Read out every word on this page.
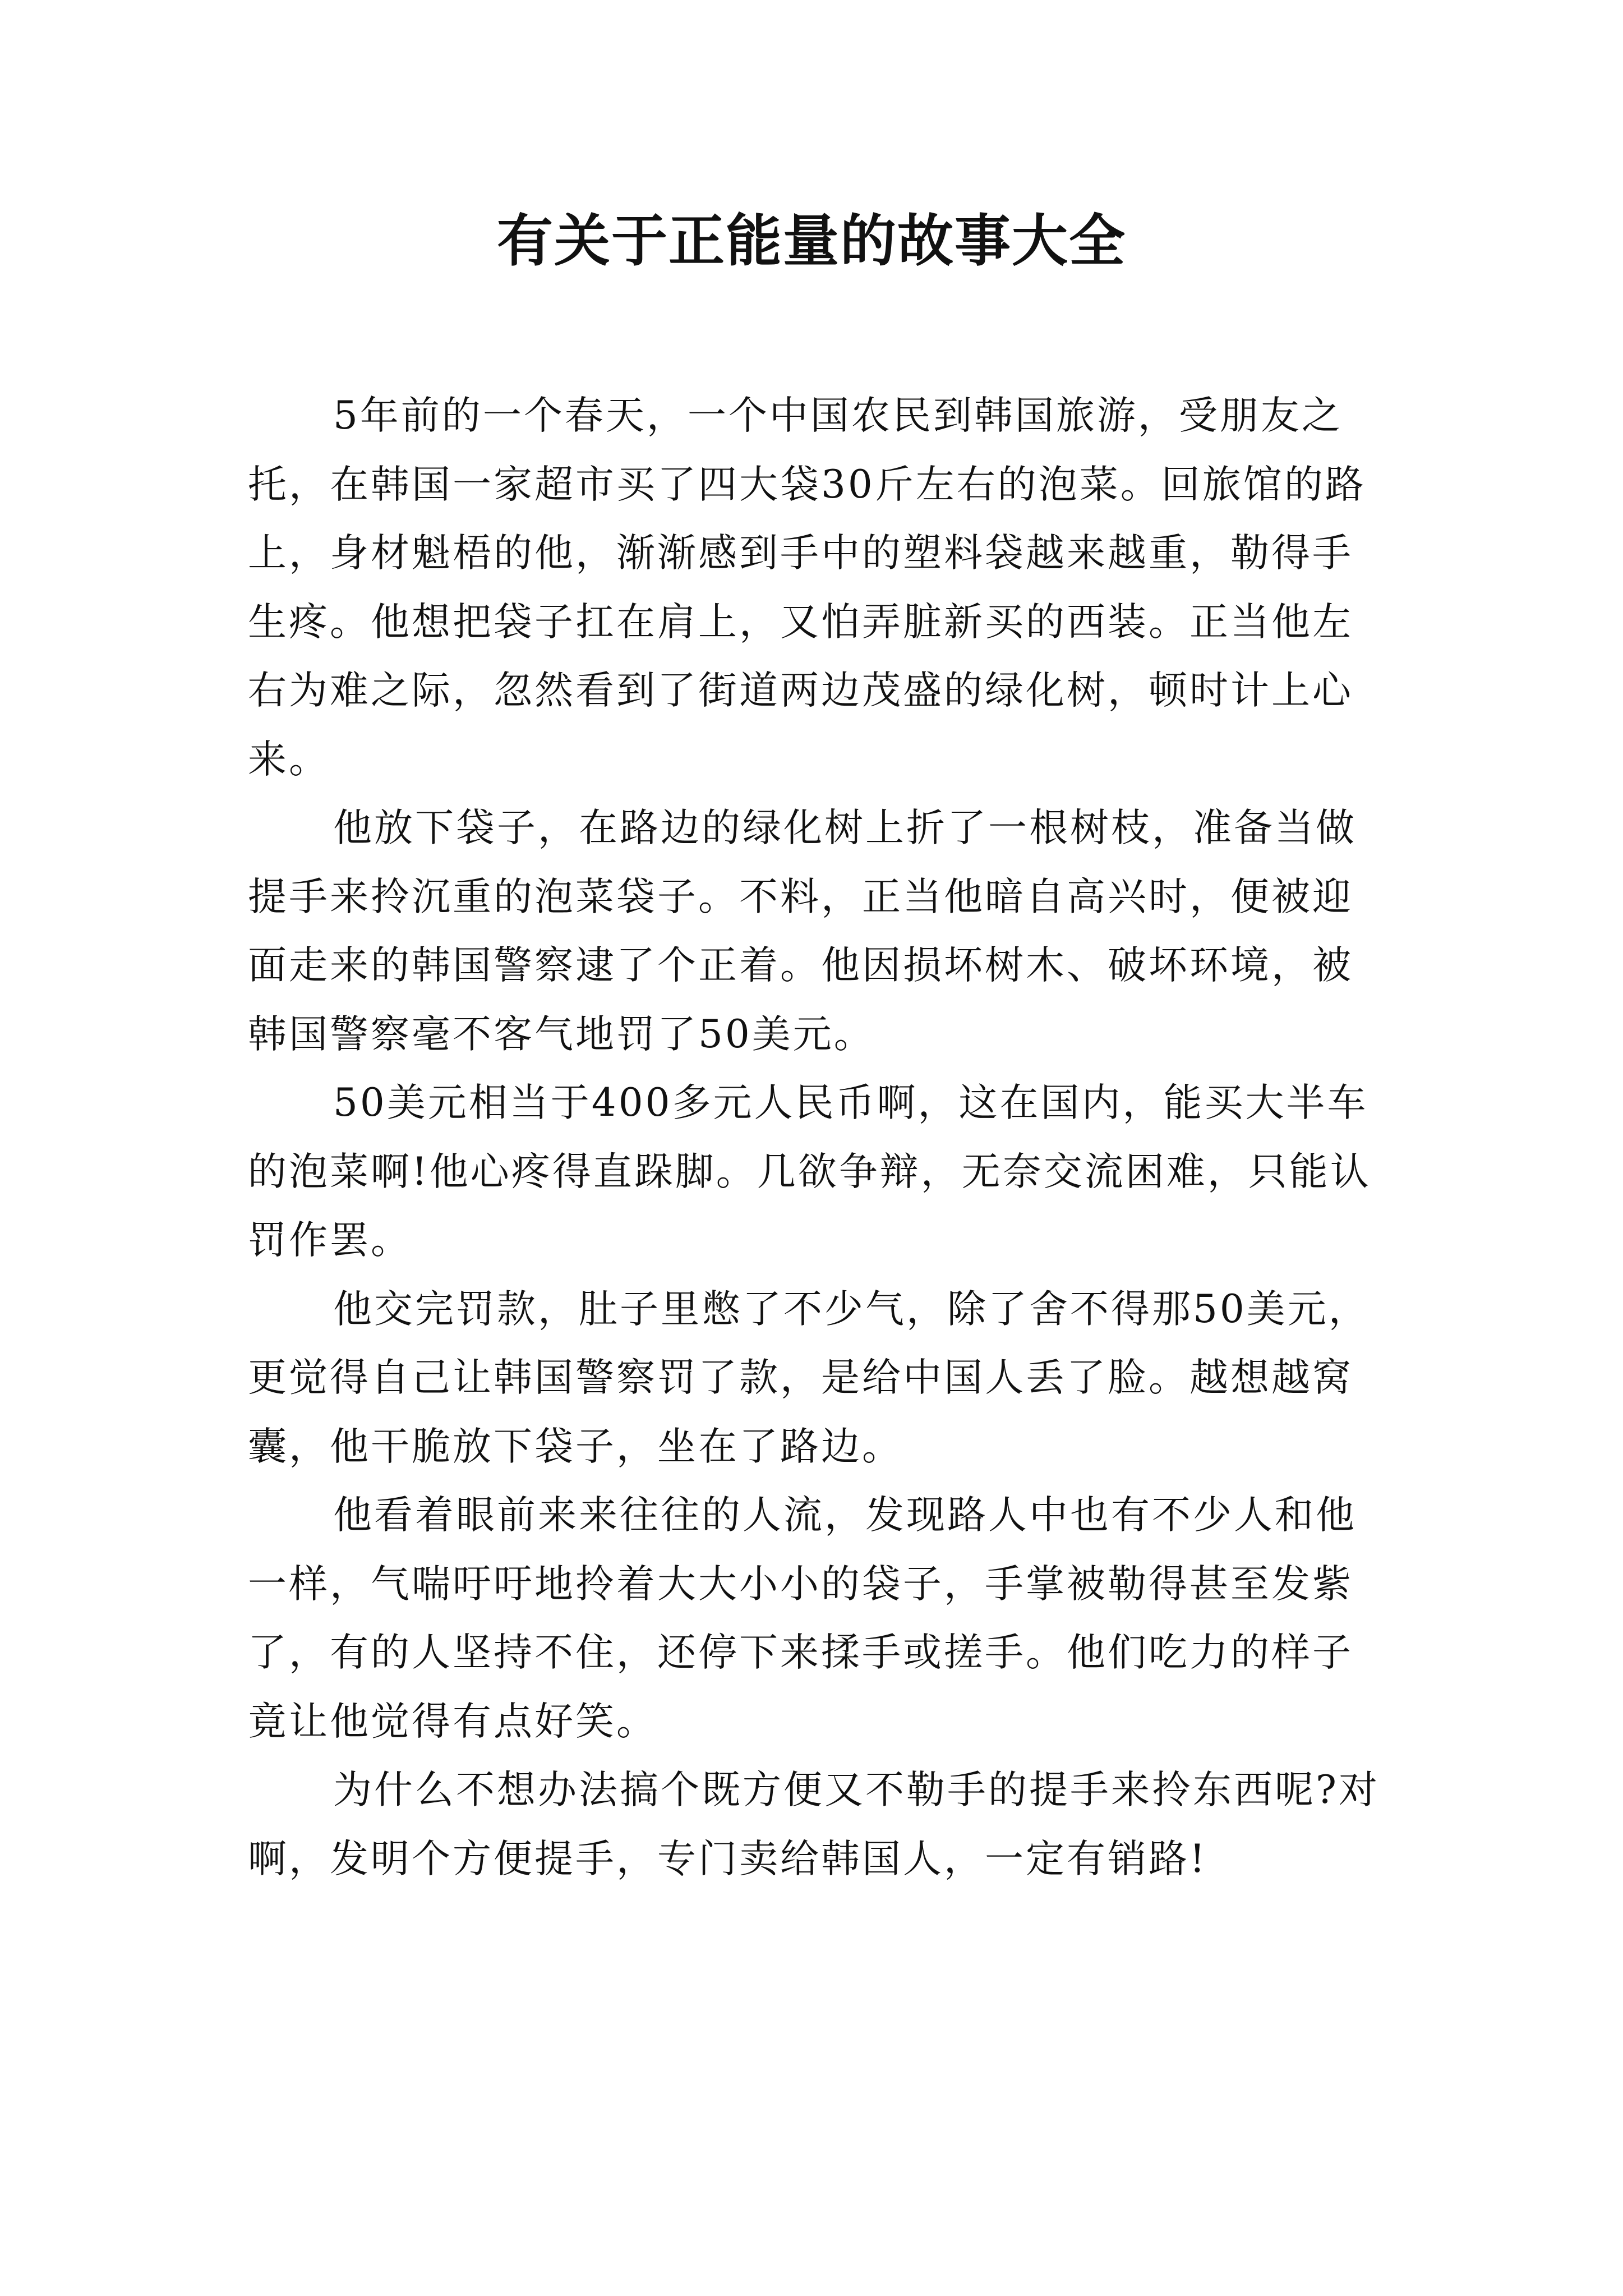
有关于正能量的故事大全

5年前的一个春天，一个中国农民到韩国旅游，受朋友之托，在韩国一家超市买了四大袋30斤左右的泡菜。回旅馆的路上，身材魁梧的他，渐渐感到手中的塑料袋越来越重，勒得手生疼。他想把袋子扛在肩上，又怕弄脏新买的西装。正当他左右为难之际，忽然看到了街道两边茂盛的绿化树，顿时计上心来。

他放下袋子，在路边的绿化树上折了一根树枝，准备当做提手来拎沉重的泡菜袋子。不料，正当他暗自高兴时，便被迎面走来的韩国警察逮了个正着。他因损坏树木、破坏环境，被韩国警察毫不客气地罚了50美元。

50美元相当于400多元人民币啊，这在国内，能买大半车的泡菜啊!他心疼得直跺脚。几欲争辩，无奈交流困难，只能认罚作罢。

他交完罚款，肚子里憋了不少气，除了舍不得那50美元，更觉得自己让韩国警察罚了款，是给中国人丢了脸。越想越窝囊，他干脆放下袋子，坐在了路边。

他看着眼前来来往往的人流，发现路人中也有不少人和他一样，气喘吁吁地拎着大大小小的袋子，手掌被勒得甚至发紫了，有的人坚持不住，还停下来揉手或搓手。他们吃力的样子竟让他觉得有点好笑。

为什么不想办法搞个既方便又不勒手的提手来拎东西呢?对啊，发明个方便提手，专门卖给韩国人，一定有销路!
